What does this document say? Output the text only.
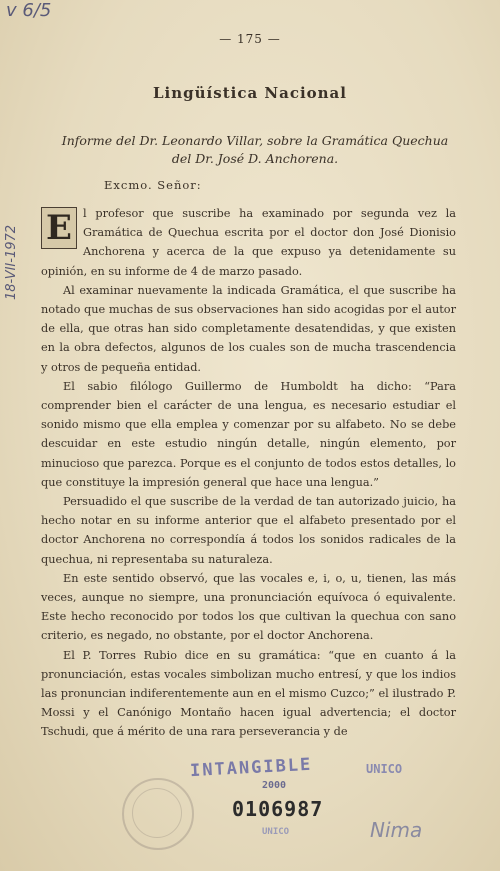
v 6/5
18-VII-1972
— 175 —
Lingüística Nacional
Informe del Dr. Leonardo Villar, sobre la Gramática Quechua
del Dr. José D. Anchorena.
Excmo. Señor:

E l profesor que suscribe ha examinado por segunda vez la Gramática de Quechua escrita por el doctor don José Dionisio Anchorena y acerca de la que expuso ya detenidamente su opinión, en su informe de 4 de marzo pasado.

Al examinar nuevamente la indicada Gramática, el que suscribe ha notado que muchas de sus observaciones han sido acogidas por el autor de ella, que otras han sido completamente desatendidas, y que existen en la obra defectos, algunos de los cuales son de mucha trascendencia y otros de pequeña entidad.

El sabio filólogo Guillermo de Humboldt ha dicho: “Para comprender bien el carácter de una lengua, es necesario estudiar el sonido mismo que ella emplea y comenzar por su alfabeto. No se debe descuidar en este estudio ningún detalle, ningún elemento, por minucioso que parezca. Porque es el conjunto de todos estos detalles, lo que constituye la impresión general que hace una lengua.”

Persuadido el que suscribe de la verdad de tan autorizado juicio, ha hecho notar en su informe anterior que el alfabeto presentado por el doctor Anchorena no correspondía á todos los sonidos radicales de la quechua, ni representaba su naturaleza.

En este sentido observó, que las vocales e, i, o, u, tienen, las más veces, aunque no siempre, una pronunciación equívoca ó equivalente. Este hecho reconocido por todos los que cultivan la quechua con sano criterio, es negado, no obstante, por el doctor Anchorena.

El P. Torres Rubio dice en su gramática: “que en cuanto á la pronunciación, estas vocales simbolizan mucho entresí, y que los indios las pronuncian indiferentemente aun en el mismo Cuzco;” el ilustrado P. Mossi y el Canónigo Montaño hacen igual advertencia; el doctor Tschudi, que á mérito de una rara perseverancia y de

INTANGIBLE
2000
UNICO
0106987
UNICO	Nima
